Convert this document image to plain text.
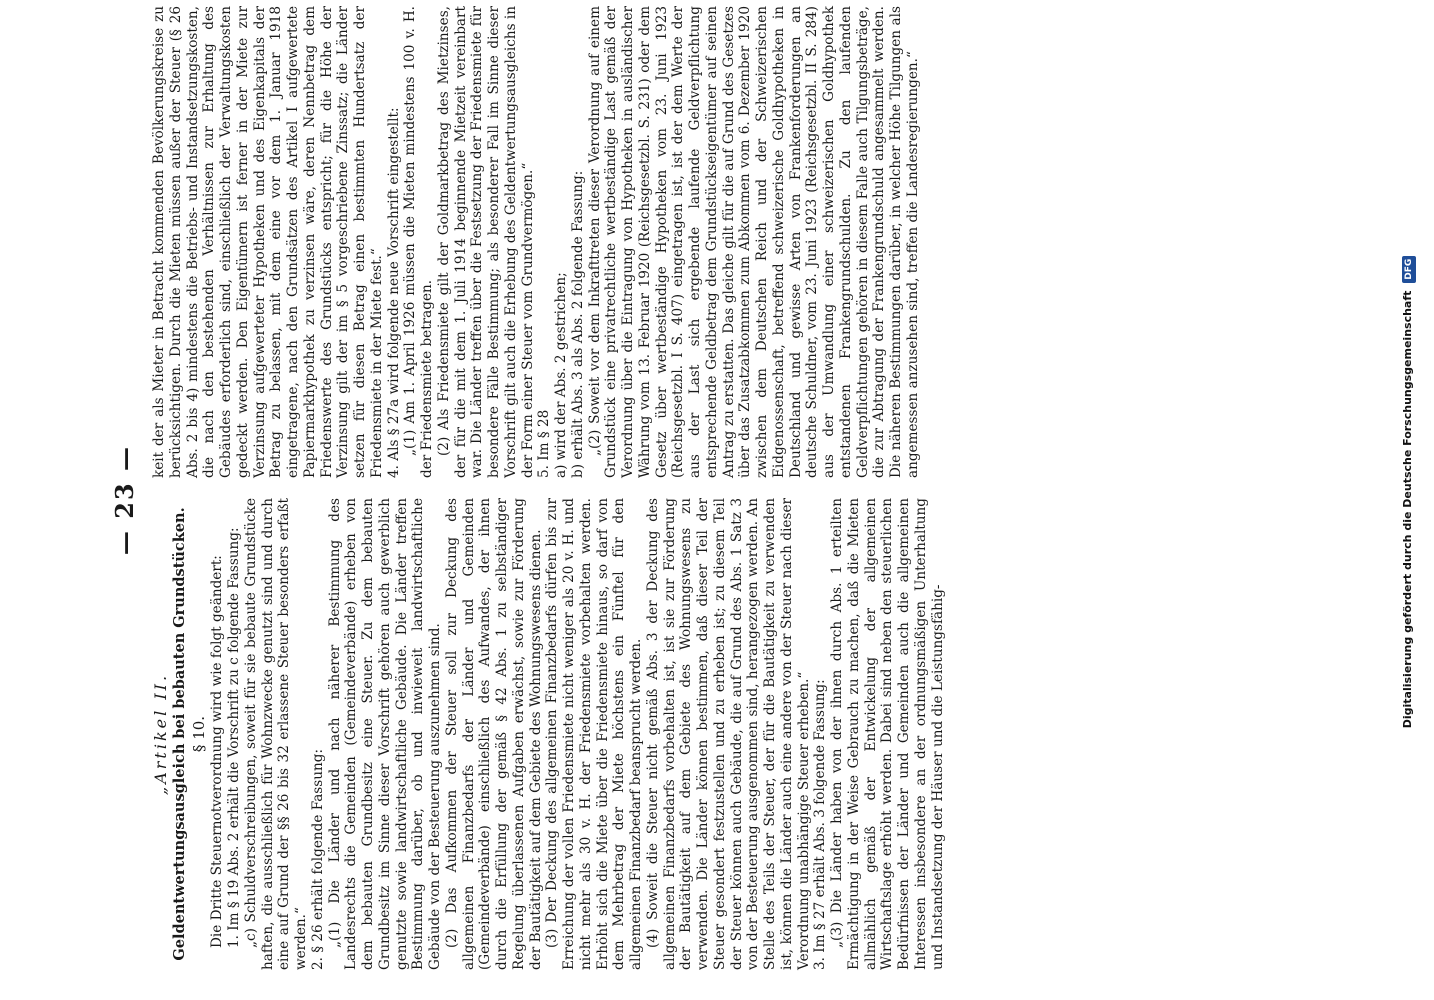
— 23 —
„Artikel II. Geldentwertungsausgleich bei bebauten Grundstücken. § 10. Die Dritte Steuernotverordnung wird wie folgt geändert: 1. Im § 19 Abs. 2 erhält die Vorschrift zu c folgende Fassung: „c) Schuldverschreibungen, soweit für sie bebaute Grundstücke haften, die ausschließlich für Wohnzwecke genutzt sind und durch eine auf Grund der §§ 26 bis 32 erlassene Steuer besonders erfaßt werden.“ 2. § 26 erhält folgende Fassung: „(1) Die Länder und nach näherer Bestimmung des Landesrechts die Gemeinden (Gemeindeverbände) erheben von dem bebauten Grundbesitz eine Steuer. Zu dem bebauten Grundbesitz im Sinne dieser Vorschrift gehören auch gewerblich genutzte sowie landwirtschaftliche Gebäude. Die Länder treffen Bestimmung darüber, ob und inwieweit landwirtschaftliche Gebäude von der Besteuerung auszunehmen sind. (2) Das Aufkommen der Steuer soll zur Deckung des allgemeinen Finanzbedarfs der Länder und Gemeinden (Gemeindeverbände) einschließlich des Aufwandes, der ihnen durch die Erfüllung der gemäß § 42 Abs. 1 zu selbständiger Regelung überlassenen Aufgaben erwächst, sowie zur Förderung der Bautätigkeit auf dem Gebiete des Wohnungswesens dienen. (3) Der Deckung des allgemeinen Finanzbedarfs dürfen bis zur Erreichung der vollen Friedensmiete nicht weniger als 20 v. H. und nicht mehr als 30 v. H. der Friedensmiete vorbehalten werden. Erhöht sich die Miete über die Friedensmiete hinaus, so darf von dem Mehrbetrag der Miete höchstens ein Fünftel für den allgemeinen Finanzbedarf beansprucht werden. (4) Soweit die Steuer nicht gemäß Abs. 3 der Deckung des allgemeinen Finanzbedarfs vorbehalten ist, ist sie zur Förderung der Bautätigkeit auf dem Gebiete des Wohnungswesens zu verwenden. Die Länder können bestimmen, daß dieser Teil der Steuer gesondert festzustellen und zu erheben ist; zu diesem Teil der Steuer können auch Gebäude, die auf Grund des Abs. 1 Satz 3 von der Besteuerung ausgenommen sind, herangezogen werden. An Stelle des Teils der Steuer, der für die Bautätigkeit zu verwenden ist, können die Länder auch eine andere von der Steuer nach dieser Verordnung unabhängige Steuer erheben.“ 3. Im § 27 erhält Abs. 3 folgende Fassung: „(3) Die Länder haben von der ihnen durch Abs. 1 erteilten Ermächtigung in der Weise Gebrauch zu machen, daß die Mieten allmählich gemäß der Entwickelung der allgemeinen Wirtschaftslage erhöht werden. Dabei sind neben den steuerlichen Bedürfnissen der Länder und Gemeinden auch die allgemeinen Interessen insbesondere an der ordnungsmäßigen Unterhaltung und Instandsetzung der Häuser und die Leistungsfähig-

keit der als Mieter in Betracht kommenden Bevölkerungskreise zu berücksichtigen. Durch die Mieten müssen außer der Steuer (§ 26 Abs. 2 bis 4) mindestens die Betriebs- und Instandsetzungskosten, die nach den bestehenden Verhältnissen zur Erhaltung des Gebäudes erforderlich sind, einschließlich der Verwaltungskosten gedeckt werden. Den Eigentümern ist ferner in der Miete zur Verzinsung aufgewerteter Hypotheken und des Eigenkapitals der Betrag zu belassen, mit dem eine vor dem 1. Januar 1918 eingetragene, nach den Grundsätzen des Artikel I aufgewertete Papiermarkhypothek zu verzinsen wäre, deren Nennbetrag dem Friedenswerte des Grundstücks entspricht; für die Höhe der Verzinsung gilt der im § 5 vorgeschriebene Zinssatz; die Länder setzen für diesen Betrag einen bestimmten Hundertsatz der Friedensmiete in der Miete fest.“ 4. Als § 27a wird folgende neue Vorschrift eingestellt: „(1) Am 1. April 1926 müssen die Mieten mindestens 100 v. H. der Friedensmiete betragen. (2) Als Friedensmiete gilt der Goldmarkbetrag des Mietzinses, der für die mit dem 1. Juli 1914 beginnende Mietzeit vereinbart war. Die Länder treffen über die Festsetzung der Friedensmiete für besondere Fälle Bestimmung; als besonderer Fall im Sinne dieser Vorschrift gilt auch die Erhebung des Geldentwertungsausgleichs in der Form einer Steuer vom Grundvermögen.“ 5. Im § 28 a) wird der Abs. 2 gestrichen; b) erhält Abs. 3 als Abs. 2 folgende Fassung: „(2) Soweit vor dem Inkrafttreten dieser Verordnung auf einem Grundstück eine privatrechtliche wertbeständige Last gemäß der Verordnung über die Eintragung von Hypotheken in ausländischer Währung vom 13. Februar 1920 (Reichsgesetzbl. S. 231) oder dem Gesetz über wertbeständige Hypotheken vom 23. Juni 1923 (Reichsgesetzbl. I S. 407) eingetragen ist, ist der dem Werte der aus der Last sich ergebende laufende Geldverpflichtung entsprechende Geldbetrag dem Grundstückseigentümer auf seinen Antrag zu erstatten. Das gleiche gilt für die auf Grund des Gesetzes über das Zusatzabkommen zum Abkommen vom 6. Dezember 1920 zwischen dem Deutschen Reich und der Schweizerischen Eidgenossenschaft, betreffend schweizerische Goldhypotheken in Deutschland und gewisse Arten von Frankenforderungen an deutsche Schuldner, vom 23. Juni 1923 (Reichsgesetzbl. II S. 284) aus der Umwandlung einer schweizerischen Goldhypothek entstandenen Frankengrundschulden. Zu den laufenden Geldverpflichtungen gehören in diesem Falle auch Tilgungsbeträge, die zur Abtragung der Frankengrundschuld angesammelt werden. Die näheren Bestimmungen darüber, in welcher Höhe Tilgungen als angemessen anzusehen sind, treffen die Landesregierungen.“

Digitalisierung gefördert durch die Deutsche Forschungsgemeinschaft DFG
